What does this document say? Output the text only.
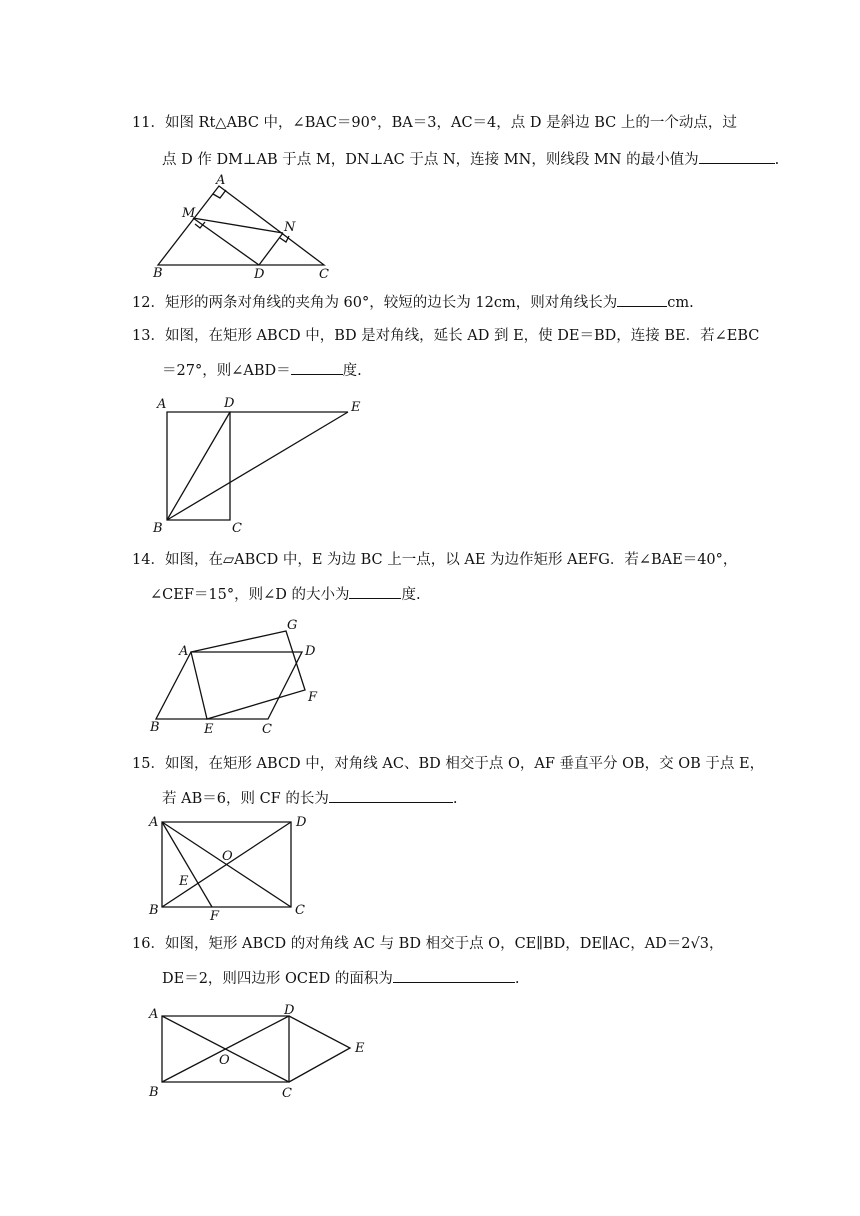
11．如图 Rt△ABC 中，∠BAC＝90°，BA＝3，AC＝4，点 D 是斜边 BC 上的一个动点，过
点 D 作 DM⊥AB 于点 M，DN⊥AC 于点 N，连接 MN，则线段 MN 的最小值为	.
A
M
N
B	D	C
12．矩形的两条对角线的夹角为 60°，较短的边长为 12cm，则对角线长为	cm.
13．如图，在矩形 ABCD 中，BD 是对角线，延长 AD 到 E，使 DE＝BD，连接 BE．若∠EBC
＝27°，则∠ABD＝	度.
A	D	E
B	C
14．如图，在▱ABCD 中，E 为边 BC 上一点，以 AE 为边作矩形 AEFG．若∠BAE＝40°，
∠CEF＝15°，则∠D 的大小为	度.
G
A	D
F
B	E	C
15．如图，在矩形 ABCD 中，对角线 AC、BD 相交于点 O，AF 垂直平分 OB，交 OB 于点 E，
若 AB＝6，则 CF 的长为	.
A	D
O
E
B	F	C
16．如图，矩形 ABCD 的对角线 AC 与 BD 相交于点 O，CE∥BD，DE∥AC，AD＝2√3，
DE＝2，则四边形 OCED 的面积为	.
A	D
E
O
B	C
